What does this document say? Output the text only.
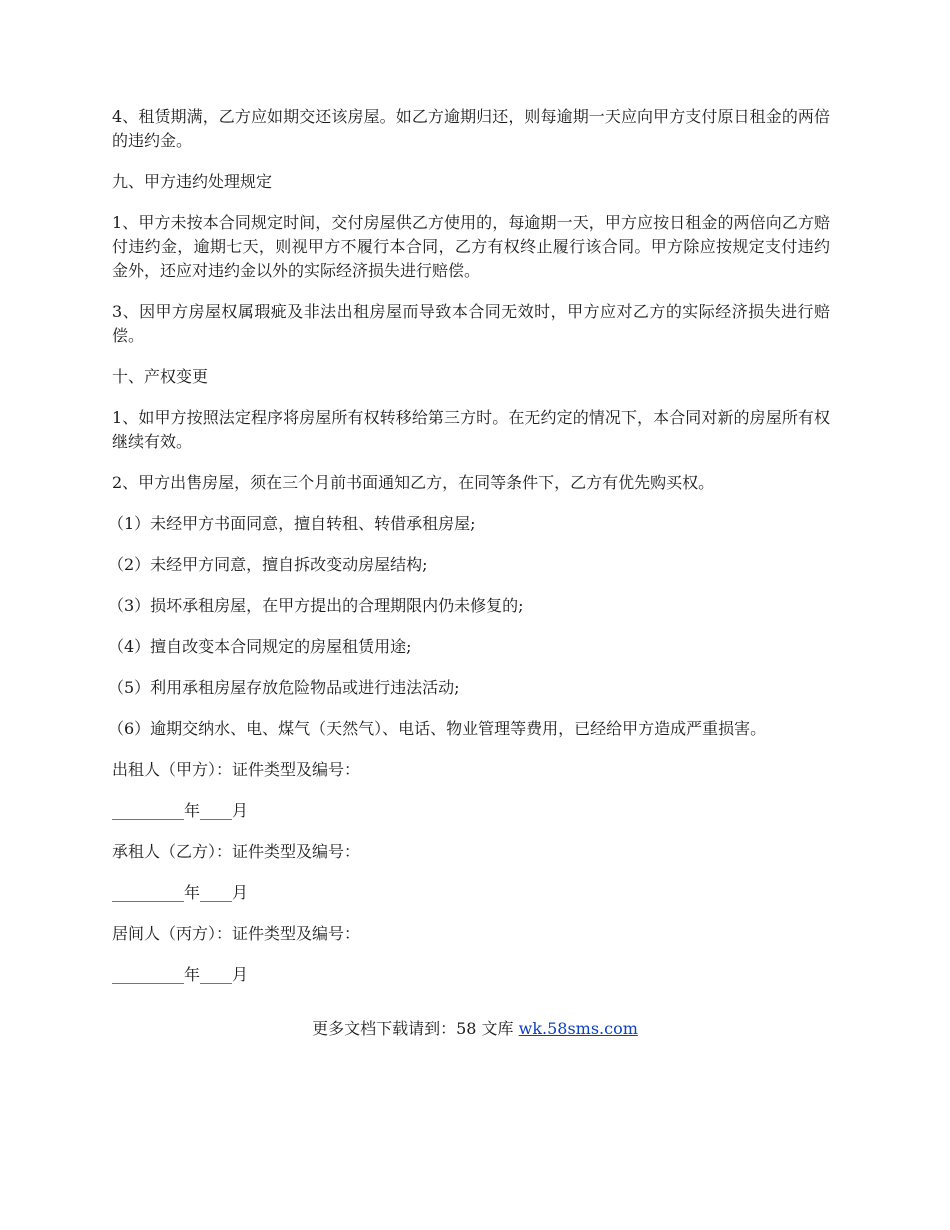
4、租赁期满，乙方应如期交还该房屋。如乙方逾期归还，则每逾期一天应向甲方支付原日租金的两倍的违约金。

九、甲方违约处理规定

1、甲方未按本合同规定时间，交付房屋供乙方使用的，每逾期一天，甲方应按日租金的两倍向乙方赔付违约金，逾期七天，则视甲方不履行本合同，乙方有权终止履行该合同。甲方除应按规定支付违约金外，还应对违约金以外的实际经济损失进行赔偿。

3、因甲方房屋权属瑕疵及非法出租房屋而导致本合同无效时，甲方应对乙方的实际经济损失进行赔偿。

十、产权变更

1、如甲方按照法定程序将房屋所有权转移给第三方时。在无约定的情况下，本合同对新的房屋所有权继续有效。

2、甲方出售房屋，须在三个月前书面通知乙方，在同等条件下，乙方有优先购买权。

（1）未经甲方书面同意，擅自转租、转借承租房屋;

（2）未经甲方同意，擅自拆改变动房屋结构;

（3）损坏承租房屋，在甲方提出的合理期限内仍未修复的;

（4）擅自改变本合同规定的房屋租赁用途;

（5）利用承租房屋存放危险物品或进行违法活动;

（6）逾期交纳水、电、煤气（天然气）、电话、物业管理等费用，已经给甲方造成严重损害。

出租人（甲方）：证件类型及编号：

_________年____月

承租人（乙方）：证件类型及编号：

_________年____月

居间人（丙方）：证件类型及编号：

_________年____月

更多文档下载请到：58 文库 wk.58sms.com
